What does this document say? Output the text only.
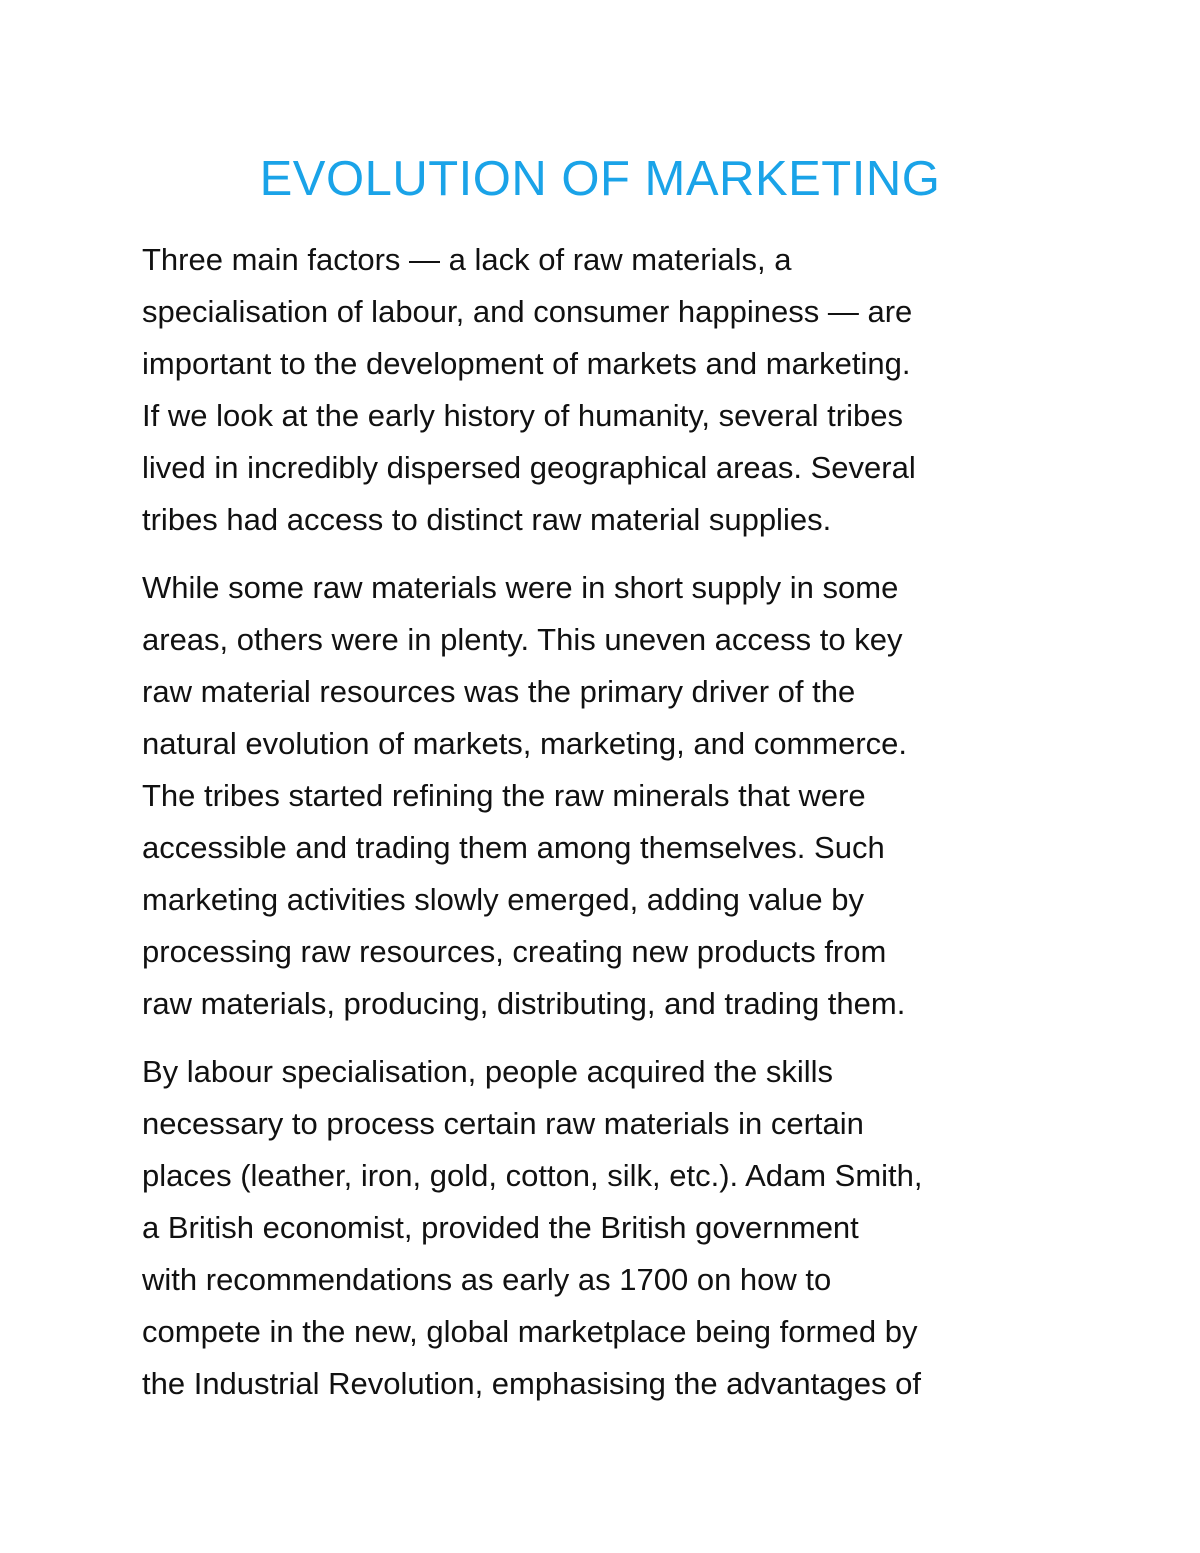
EVOLUTION OF MARKETING

Three main factors — a lack of raw materials, a
specialisation of labour, and consumer happiness — are
important to the development of markets and marketing.
If we look at the early history of humanity, several tribes
lived in incredibly dispersed geographical areas. Several
tribes had access to distinct raw material supplies.

While some raw materials were in short supply in some
areas, others were in plenty. This uneven access to key
raw material resources was the primary driver of the
natural evolution of markets, marketing, and commerce.
The tribes started refining the raw minerals that were
accessible and trading them among themselves. Such
marketing activities slowly emerged, adding value by
processing raw resources, creating new products from
raw materials, producing, distributing, and trading them.

By labour specialisation, people acquired the skills
necessary to process certain raw materials in certain
places (leather, iron, gold, cotton, silk, etc.). Adam Smith,
a British economist, provided the British government
with recommendations as early as 1700 on how to
compete in the new, global marketplace being formed by
the Industrial Revolution, emphasising the advantages of
